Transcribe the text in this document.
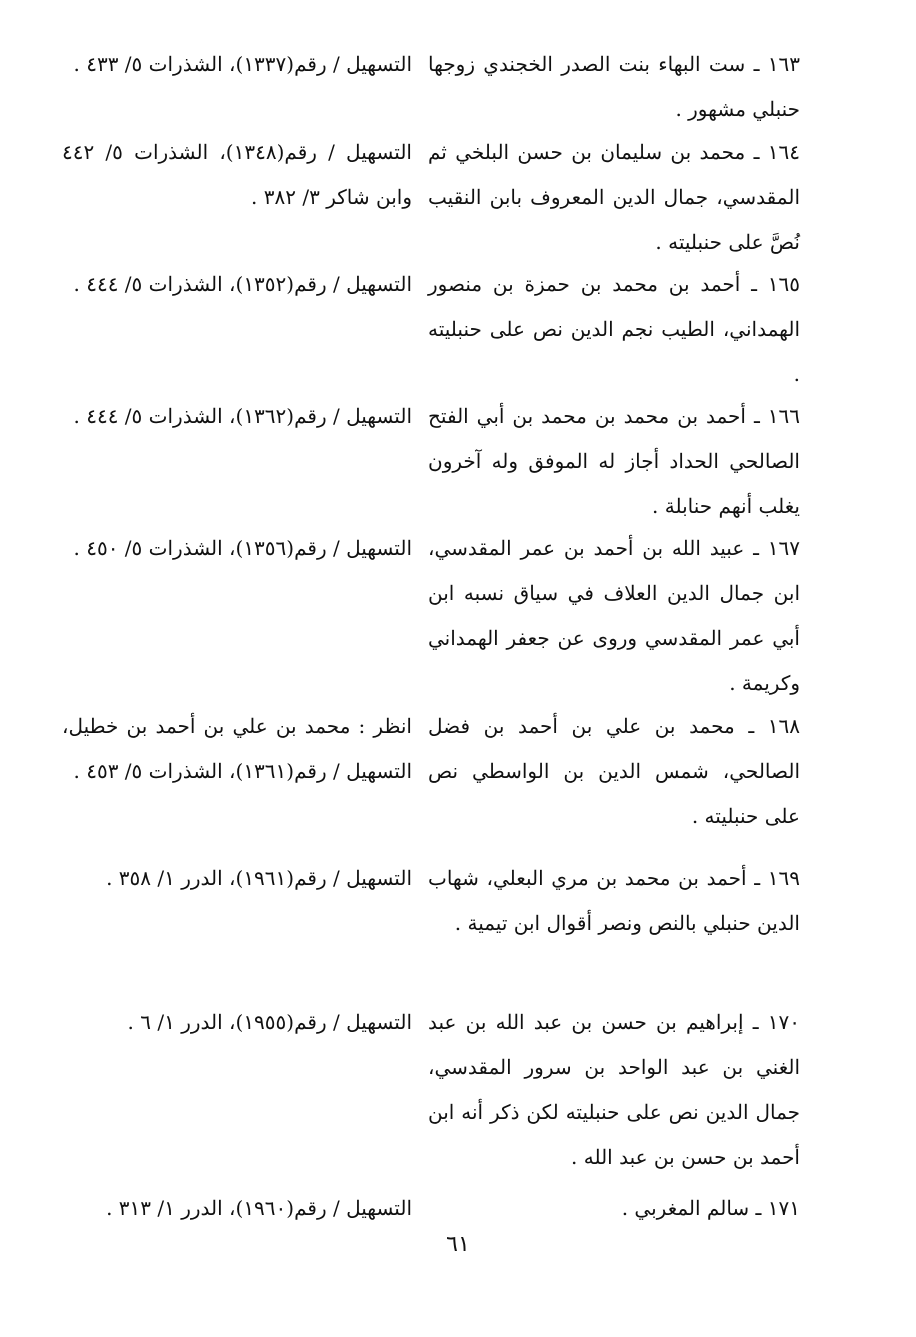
١٦٣ ـ ست البهاء بنت الصدر الخجندي زوجها حنبلي مشهور .
التسهيل / رقم(١٣٣٧)، الشذرات ٥/ ٤٣٣ .
١٦٤ ـ محمد بن سليمان بن حسن البلخي ثم المقدسي، جمال الدين المعروف بابن النقيب نُصَّ على حنبليته .
التسهيل / رقم(١٣٤٨)، الشذرات ٥/ ٤٤٢ وابن شاكر ٣/ ٣٨٢ .
١٦٥ ـ أحمد بن محمد بن حمزة بن منصور الهمداني، الطيب نجم الدين نص على حنبليته .
التسهيل / رقم(١٣٥٢)، الشذرات ٥/ ٤٤٤ .
١٦٦ ـ أحمد بن محمد بن محمد بن أبي الفتح الصالحي الحداد أجاز له الموفق وله آخرون يغلب أنهم حنابلة .
التسهيل / رقم(١٣٦٢)، الشذرات ٥/ ٤٤٤ .
١٦٧ ـ عبيد الله بن أحمد بن عمر المقدسي، ابن جمال الدين العلاف في سياق نسبه ابن أبي عمر المقدسي وروى عن جعفر الهمداني وكريمة .
التسهيل / رقم(١٣٥٦)، الشذرات ٥/ ٤٥٠ .
١٦٨ ـ محمد بن علي بن أحمد بن فضل الصالحي، شمس الدين بن الواسطي نص على حنبليته .
انظر : محمد بن علي بن أحمد بن خطيل، التسهيل / رقم(١٣٦١)، الشذرات ٥/ ٤٥٣ .
١٦٩ ـ أحمد بن محمد بن مري البعلي، شهاب الدين حنبلي بالنص ونصر أقوال ابن تيمية .
التسهيل / رقم(١٩٦١)، الدرر ١/ ٣٥٨ .
١٧٠ ـ إبراهيم بن حسن بن عبد الله بن عبد الغني بن عبد الواحد بن سرور المقدسي، جمال الدين نص على حنبليته لكن ذكر أنه ابن أحمد بن حسن بن عبد الله .
التسهيل / رقم(١٩٥٥)، الدرر ١/ ٦ .
١٧١ ـ سالم المغربي .
التسهيل / رقم(١٩٦٠)، الدرر ١/ ٣١٣ .
٦١
